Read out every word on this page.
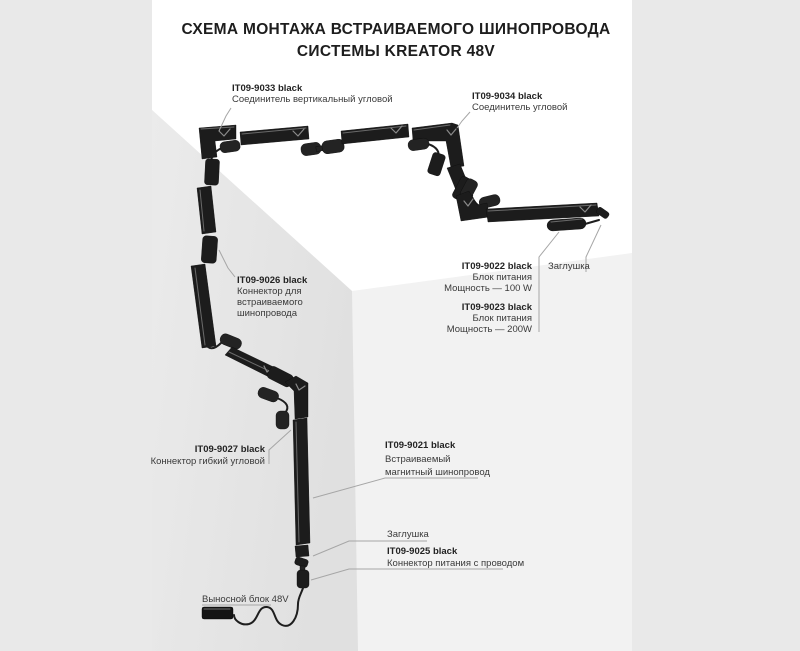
СХЕМА МОНТАЖА ВСТРАИВАЕМОГО ШИНОПРОВОДА
СИСТЕМЫ KREATOR 48V
IT09-9033 black
Соединитель вертикальный угловой	IT09-9034 black
Соединитель угловой
IT09-9022 black
Блок питания
Мощность — 100 W
IT09-9023 black
Блок питания
Мощность — 200W
Заглушка
IT09-9026 black
Коннектор для
встраиваемого
шинопровода
IT09-9027 black
Коннектор гибкий угловой
IT09-9021 black
Встраиваемый
магнитный шинопровод
Заглушка
IT09-9025 black
Коннектор питания с проводом
Выносной блок 48V
